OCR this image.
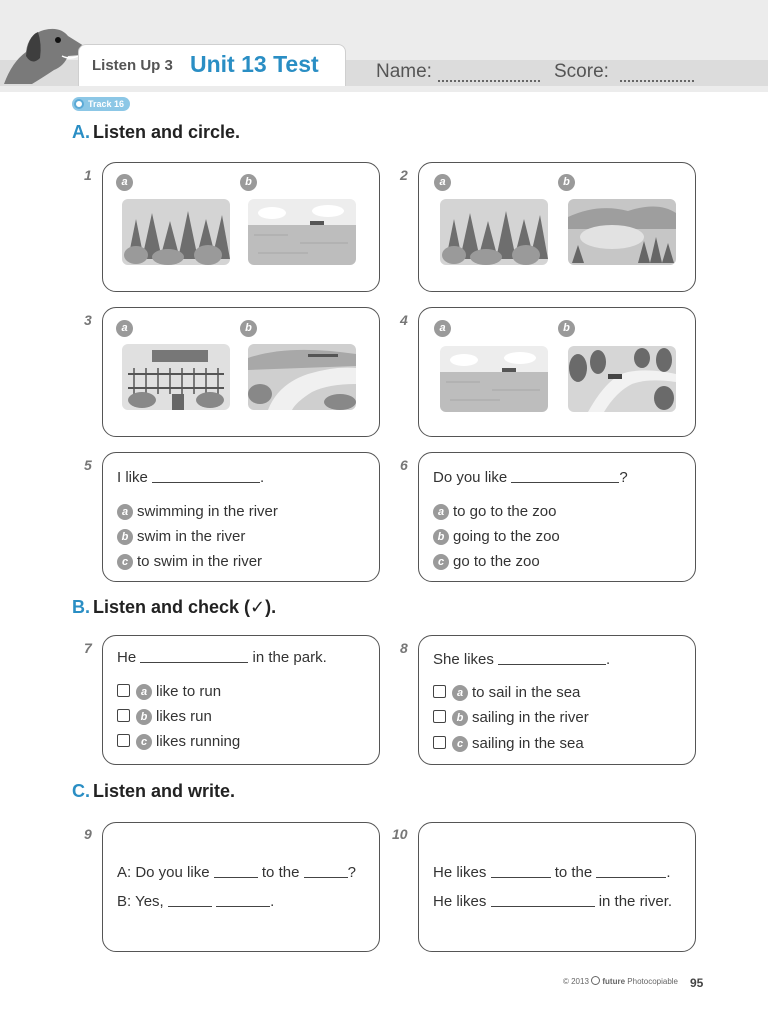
Listen Up 3 Unit 13 Test	Name:	Score:
Track 16
A. Listen and circle.
1	a	b	2	a	b
3	a	b	4	a	b
5
I like	.
a swimming in the river
b swim in the river
c to swim in the river
6
Do you like	?
a to go to the zoo
b going to the zoo
c go to the zoo
B. Listen and check (✓).
7
He	in the park.
a like to run
b likes run
c likes running
8
She likes	.
a to sail in the sea
b sailing in the river
c sailing in the sea
C. Listen and write.
9
A: Do you like	to the	?
B: Yes,	.
10
He likes	to the	.
He likes	in the river.
© 2013 future Photocopiable 95
